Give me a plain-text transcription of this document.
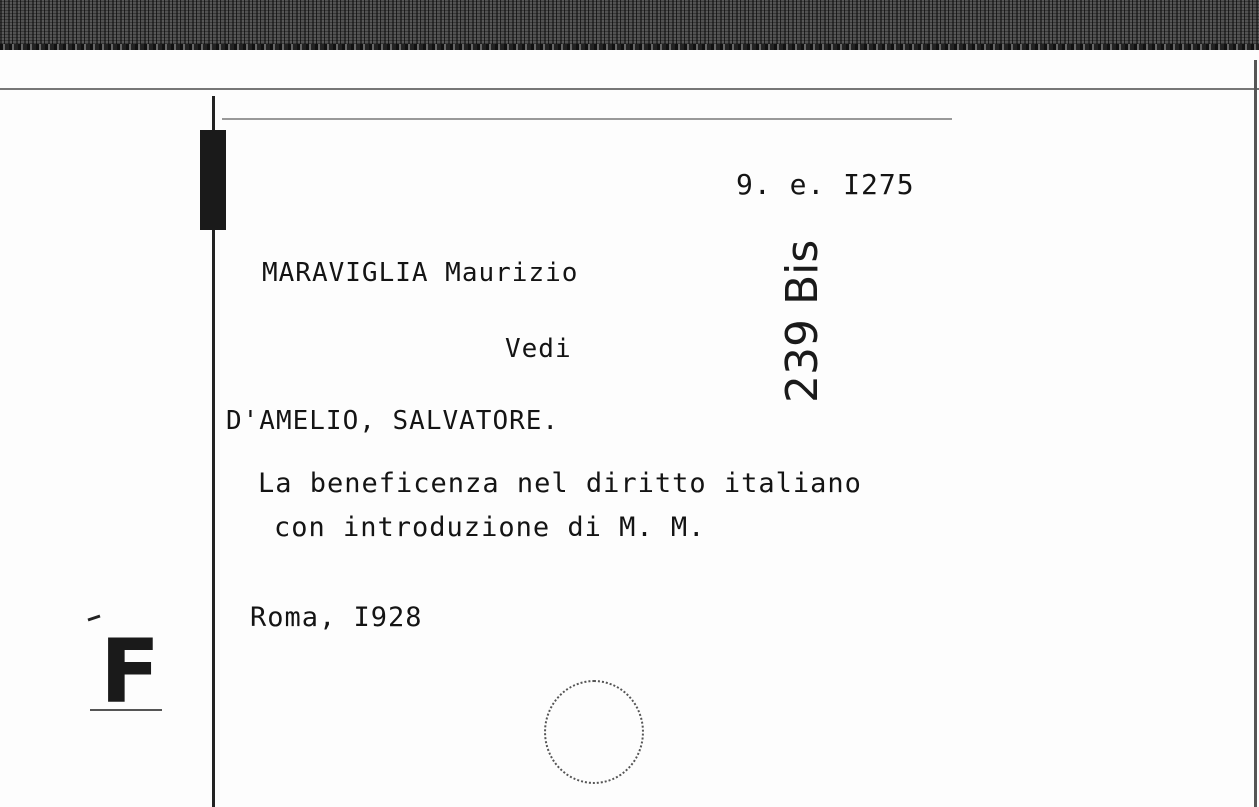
9. e. I275
MARAVIGLIA Maurizio
Vedi	239 Bis
D'AMELIO, SALVATORE.
La beneficenza nel diritto italiano
con introduzione di M. M.
Roma, I928
F
